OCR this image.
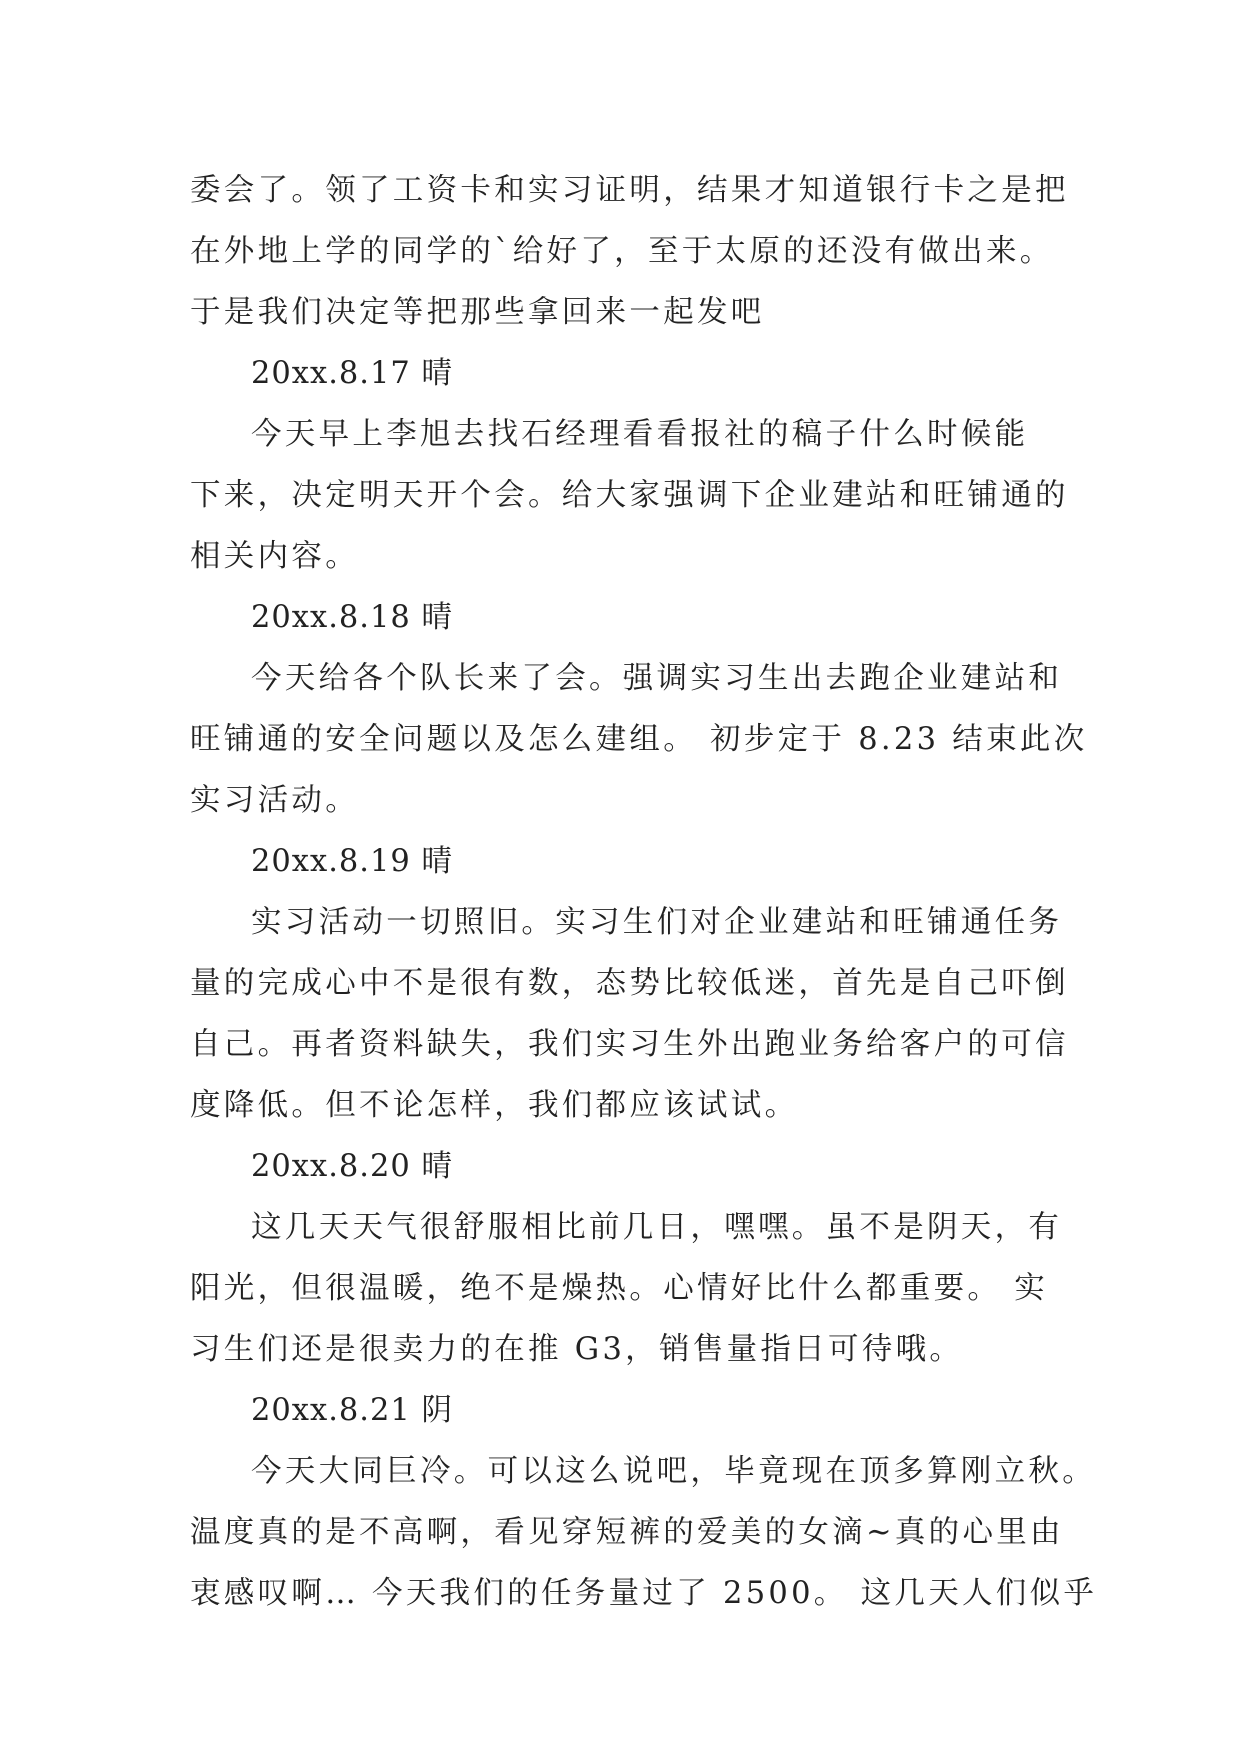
委会了。领了工资卡和实习证明，结果才知道银行卡之是把
在外地上学的同学的`给好了，至于太原的还没有做出来。
于是我们决定等把那些拿回来一起发吧

20xx.8.17 晴

今天早上李旭去找石经理看看报社的稿子什么时候能
下来，决定明天开个会。给大家强调下企业建站和旺铺通的
相关内容。

20xx.8.18 晴

今天给各个队长来了会。强调实习生出去跑企业建站和
旺铺通的安全问题以及怎么建组。 初步定于 8.23 结束此次
实习活动。

20xx.8.19 晴

实习活动一切照旧。实习生们对企业建站和旺铺通任务
量的完成心中不是很有数，态势比较低迷，首先是自己吓倒
自己。再者资料缺失，我们实习生外出跑业务给客户的可信
度降低。但不论怎样，我们都应该试试。

20xx.8.20 晴

这几天天气很舒服相比前几日，嘿嘿。虽不是阴天，有
阳光，但很温暖，绝不是燥热。心情好比什么都重要。 实
习生们还是很卖力的在推 G3，销售量指日可待哦。

20xx.8.21 阴

今天大同巨冷。可以这么说吧，毕竟现在顶多算刚立秋。
温度真的是不高啊，看见穿短裤的爱美的女滴~真的心里由
衷感叹啊… 今天我们的任务量过了 2500。 这几天人们似乎
